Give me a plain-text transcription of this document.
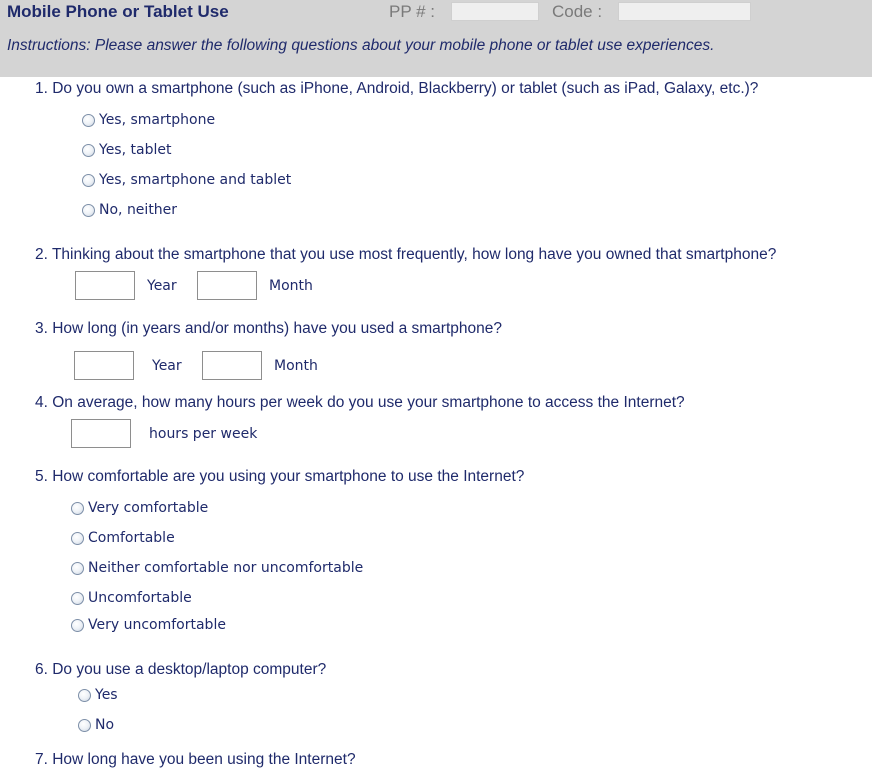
Mobile Phone or Tablet Use	PP # :	Code :
Instructions: Please answer the following questions about your mobile phone or tablet use experiences.
1. Do you own a smartphone (such as iPhone, Android, Blackberry) or tablet (such as iPad, Galaxy, etc.)?
Yes, smartphone
Yes, tablet
Yes, smartphone and tablet
No, neither
2. Thinking about the smartphone that you use most frequently, how long have you owned that smartphone?
Year	Month
3. How long (in years and/or months) have you used a smartphone?
Year	Month
4. On average, how many hours per week do you use your smartphone to access the Internet?
hours per week
5. How comfortable are you using your smartphone to use the Internet?
Very comfortable
Comfortable
Neither comfortable nor uncomfortable
Uncomfortable
Very uncomfortable
6. Do you use a desktop/laptop computer?
Yes
No
7. How long have you been using the Internet?
